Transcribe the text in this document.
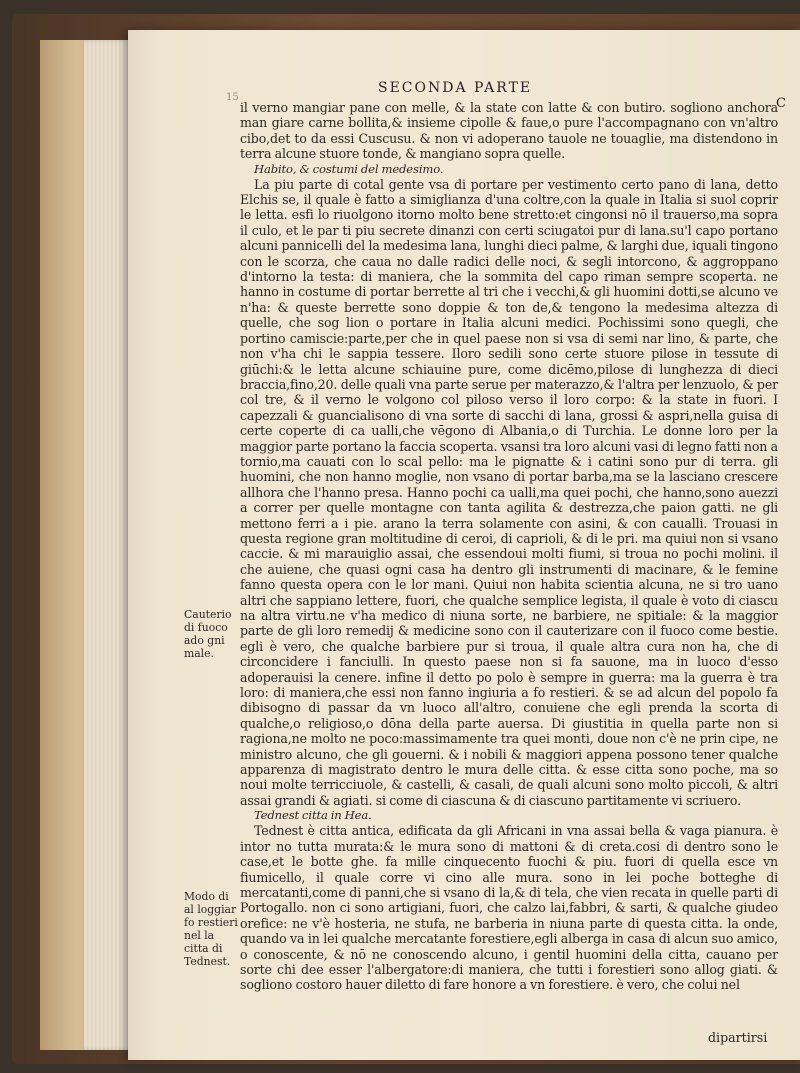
SECONDA PARTE
15	C

il verno mangiar pane con melle, & la state con latte & con butiro. sogliono anchora man giare carne bollita,& insieme cipolle & faue,o pure l'accompagnano con vn'altro cibo,det to da essi Cuscusu. & non vi adoperano tauole ne touaglie, ma distendono in terra alcune stuore tonde, & mangiano sopra quelle.

Habito, & costumi del medesimo.

La piu parte di cotal gente vsa di portare per vestimento certo pano di lana, detto Elchis se, il quale è fatto a simiglianza d'una coltre,con la quale in Italia si suol coprir le letta. esfi lo riuolgono itorno molto bene stretto:et cingonsi nō il trauerso,ma sopra il culo, et le par ti piu secrete dinanzi con certi sciugatoi pur di lana.su'l capo portano alcuni pannicelli del la medesima lana, lunghi dieci palme, & larghi due, iquali tingono con le scorza, che caua no dalle radici delle noci, & segli intorcono, & aggroppano d'intorno la testa: di maniera, che la sommita del capo riman sempre scoperta. ne hanno in costume di portar berrette al tri che i vecchi,& gli huomini dotti,se alcuno ve n'ha: & queste berrette sono doppie & ton de,& tengono la medesima altezza di quelle, che sog lion o portare in Italia alcuni medici. Pochissimi sono quegli, che portino camiscie:parte,per che in quel paese non si vsa di semi nar lino, & parte, che non v'ha chi le sappia tessere. Iloro sedili sono certe stuore pilose in tessute di giūchi:& le letta alcune schiauine pure, come dicēmo,pilose di lunghezza di dieci braccia,fino,20. delle quali vna parte serue per materazzo,& l'altra per lenzuolo, & per col tre, & il verno le volgono col piloso verso il loro corpo: & la state in fuori. I capezzali & guancialisono di vna sorte di sacchi di lana, grossi & aspri,nella guisa di certe coperte di ca ualli,che vēgono di Albania,o di Turchia. Le donne loro per la maggior parte portano la faccia scoperta. vsansi tra loro alcuni vasi di legno fatti non a tornio,ma cauati con lo scal pello: ma le pignatte & i catini sono pur di terra. gli huomini, che non hanno moglie, non vsano di portar barba,ma se la lasciano crescere allhora che l'hanno presa. Hanno pochi ca ualli,ma quei pochi, che hanno,sono auezzi a correr per quelle montagne con tanta agilita & destrezza,che paion gatti. ne gli mettono ferri a i pie. arano la terra solamente con asini, & con caualli. Trouasi in questa regione gran moltitudine di ceroi, di caprioli, & di le pri. ma quiui non si vsano caccie. & mi marauiglio assai, che essendoui molti fiumi, si troua no pochi molini. il che auiene, che quasi ogni casa ha dentro gli instrumenti di macinare, & le femine fanno questa opera con le lor mani. Quiui non habita scientia alcuna, ne si tro uano altri che sappiano lettere, fuori, che qualche semplice legista, il quale è voto di ciascu na altra virtu.ne v'ha medico di niuna sorte, ne barbiere, ne spitiale: & la maggior parte de gli loro remedij & medicine sono con il cauterizare con il fuoco come bestie. egli è vero, che qualche barbiere pur si troua, il quale altra cura non ha, che di circoncidere i fanciulli. In questo paese non si fa sauone, ma in luoco d'esso adoperauisi la cenere. infine il detto po polo è sempre in guerra: ma la guerra è tra loro: di maniera,che essi non fanno ingiuria a fo restieri. & se ad alcun del popolo fa dibisogno di passar da vn luoco all'altro, conuiene che egli prenda la scorta di qualche,o religioso,o dōna della parte auersa. Di giustitia in quella parte non si ragiona,ne molto ne poco:massimamente tra quei monti, doue non c'è ne prin cipe, ne ministro alcuno, che gli gouerni. & i nobili & maggiori appena possono tener qualche apparenza di magistrato dentro le mura delle citta. & esse citta sono poche, ma so noui molte terricciuole, & castelli, & casali, de quali alcuni sono molto piccoli, & altri assai grandi & agiati. si come di ciascuna & di ciascuno partitamente vi scriuero.

Tednest citta in Hea.

Tednest è citta antica, edificata da gli Africani in vna assai bella & vaga pianura. è intor no tutta murata:& le mura sono di mattoni & di creta.cosi di dentro sono le case,et le botte ghe. fa mille cinquecento fuochi & piu. fuori di quella esce vn fiumicello, il quale corre vi cino alle mura. sono in lei poche botteghe di mercatanti,come di panni,che si vsano di la,& di tela, che vien recata in quelle parti di Portogallo. non ci sono artigiani, fuori, che calzo lai,fabbri, & sarti, & qualche giudeo orefice: ne v'è hosteria, ne stufa, ne barberia in niuna parte di questa citta. la onde, quando va in lei qualche mercatante forestiere,egli alberga in casa di alcun suo amico, o conoscente, & nō ne conoscendo alcuno, i gentil huomini della citta, cauano per sorte chi dee esser l'albergatore:di maniera, che tutti i forestieri sono allog giati. & sogliono costoro hauer diletto di fare honore a vn forestiere. è vero, che colui nel

Cauterio di fuoco ado gni male.
Modo di al loggiar fo restieri nel la citta di Tednest.
dipartirsi
